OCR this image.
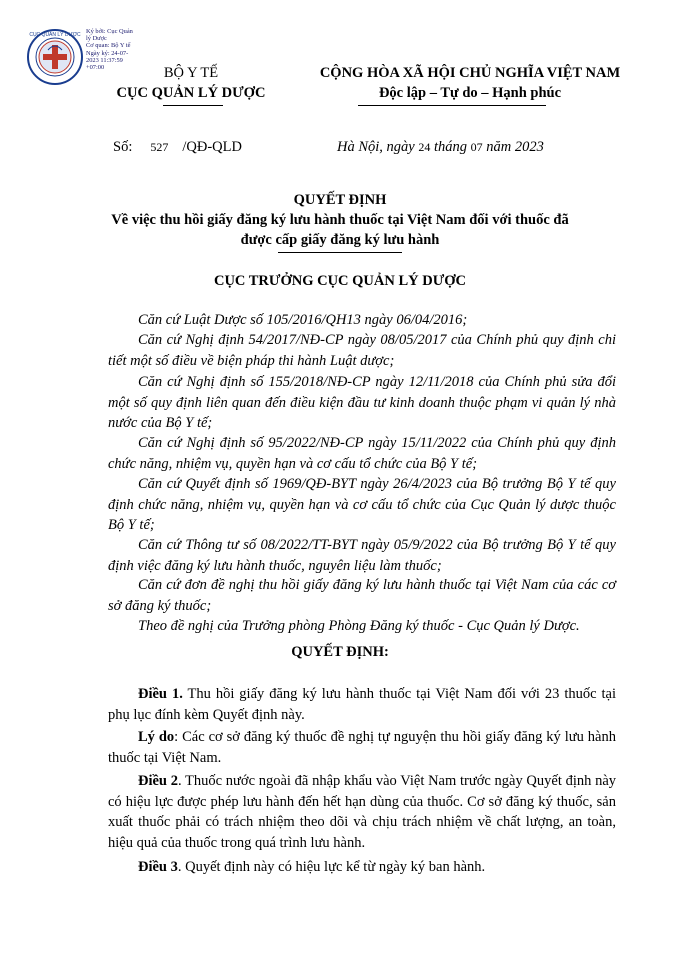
CỤC QUẢN LÝ DƯỢC Ký bởi: Cục Quản
lý Dược
Cơ quan: Bộ Y tế
Ngày ký: 24-07-
2023 11:37:59
+07:00	BỘ Y TẾ
CỤC QUẢN LÝ DƯỢC
CỘNG HÒA XÃ HỘI CHỦ NGHĨA VIỆT NAM
Độc lập – Tự do – Hạnh phúc
Số: 527 /QĐ-QLD	Hà Nội, ngày 24 tháng 07 năm 2023
QUYẾT ĐỊNH
Về việc thu hồi giấy đăng ký lưu hành thuốc tại Việt Nam đối với thuốc đã
được cấp giấy đăng ký lưu hành
CỤC TRƯỞNG CỤC QUẢN LÝ DƯỢC
Căn cứ Luật Dược số 105/2016/QH13 ngày 06/04/2016;
Căn cứ Nghị định 54/2017/NĐ-CP ngày 08/05/2017 của Chính phủ quy định chi tiết một số điều về biện pháp thi hành Luật dược;
Căn cứ Nghị định số 155/2018/NĐ-CP ngày 12/11/2018 của Chính phủ sửa đổi một số quy định liên quan đến điều kiện đầu tư kinh doanh thuộc phạm vi quản lý nhà nước của Bộ Y tế;
Căn cứ Nghị định số 95/2022/NĐ-CP ngày 15/11/2022 của Chính phủ quy định chức năng, nhiệm vụ, quyền hạn và cơ cấu tổ chức của Bộ Y tế;
Căn cứ Quyết định số 1969/QĐ-BYT ngày 26/4/2023 của Bộ trưởng Bộ Y tế quy định chức năng, nhiệm vụ, quyền hạn và cơ cấu tổ chức của Cục Quản lý dược thuộc Bộ Y tế;
Căn cứ Thông tư số 08/2022/TT-BYT ngày 05/9/2022 của Bộ trưởng Bộ Y tế quy định việc đăng ký lưu hành thuốc, nguyên liệu làm thuốc;
Căn cứ đơn đề nghị thu hồi giấy đăng ký lưu hành thuốc tại Việt Nam của các cơ sở đăng ký thuốc;
Theo đề nghị của Trưởng phòng Phòng Đăng ký thuốc - Cục Quản lý Dược.
QUYẾT ĐỊNH:
Điều 1. Thu hồi giấy đăng ký lưu hành thuốc tại Việt Nam đối với 23 thuốc tại phụ lục đính kèm Quyết định này.
Lý do: Các cơ sở đăng ký thuốc đề nghị tự nguyện thu hồi giấy đăng ký lưu hành thuốc tại Việt Nam.
Điều 2. Thuốc nước ngoài đã nhập khẩu vào Việt Nam trước ngày Quyết định này có hiệu lực được phép lưu hành đến hết hạn dùng của thuốc. Cơ sở đăng ký thuốc, sản xuất thuốc phải có trách nhiệm theo dõi và chịu trách nhiệm về chất lượng, an toàn, hiệu quả của thuốc trong quá trình lưu hành.
Điều 3. Quyết định này có hiệu lực kể từ ngày ký ban hành.
